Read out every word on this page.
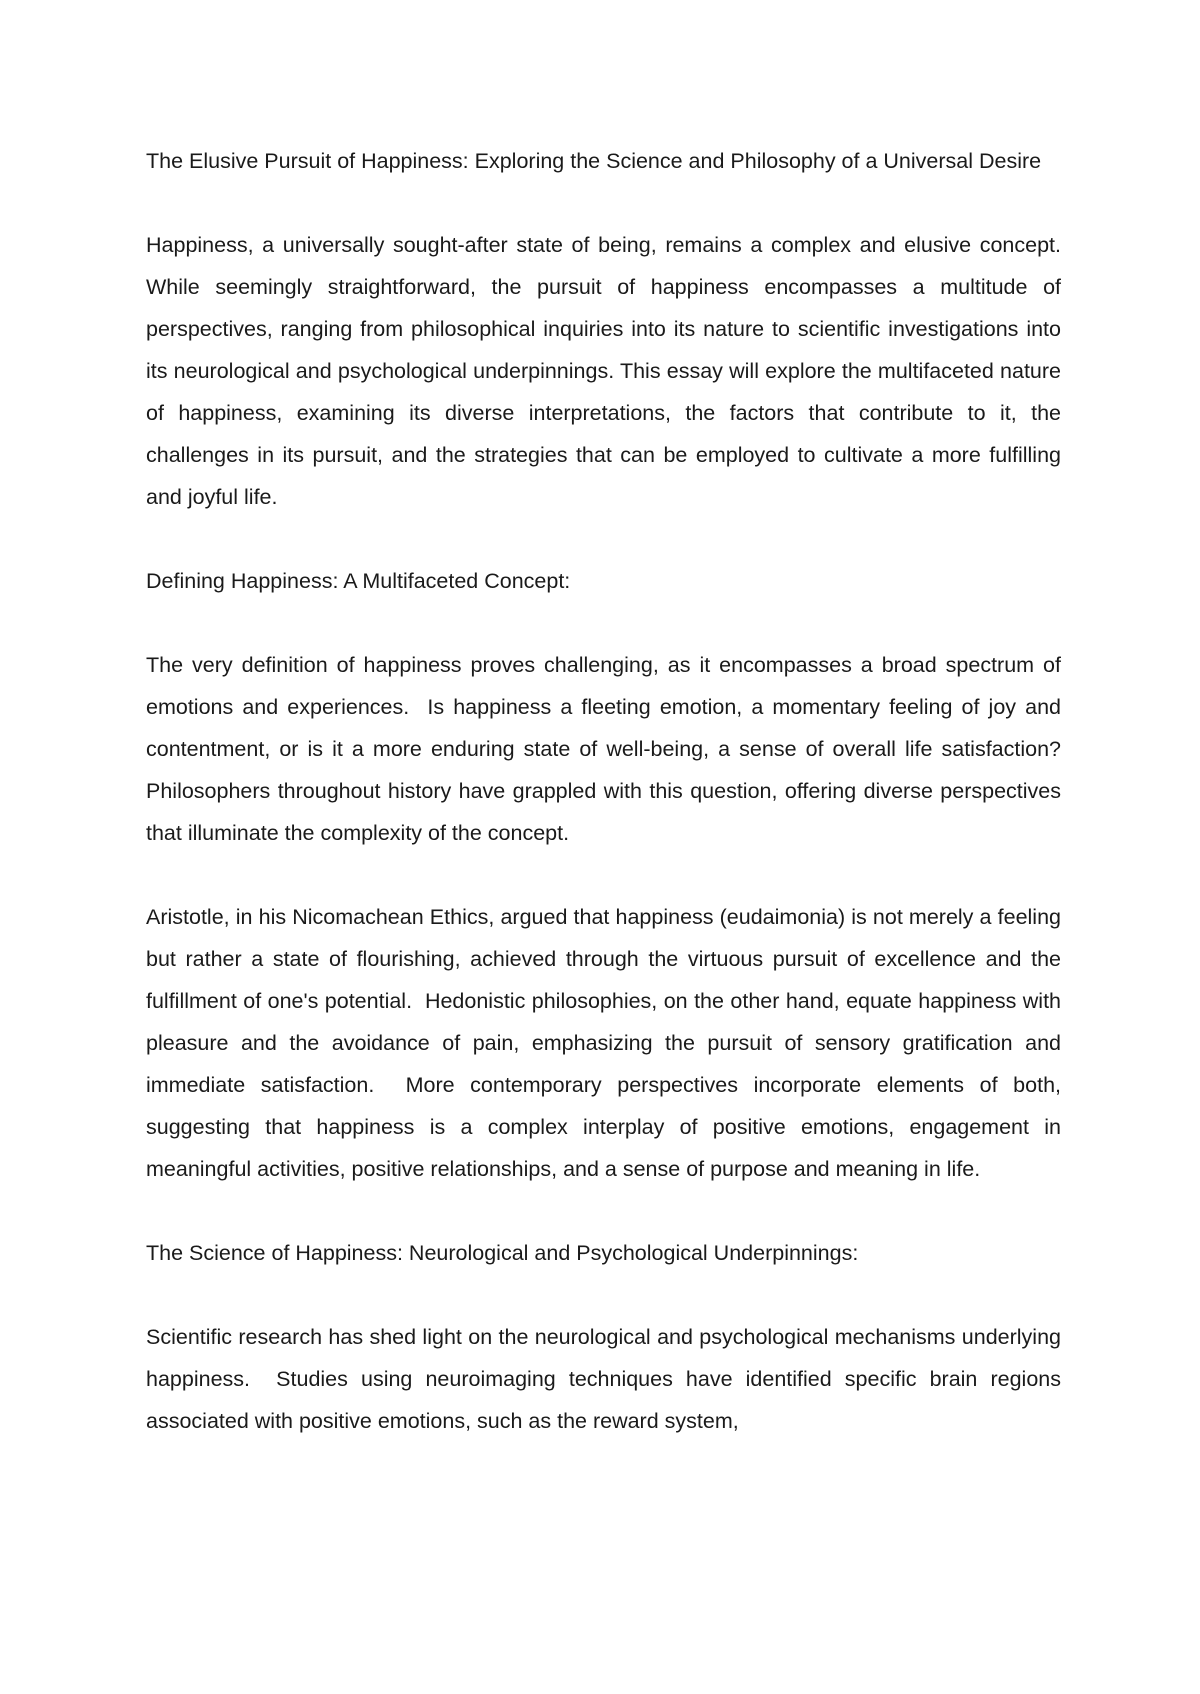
The Elusive Pursuit of Happiness: Exploring the Science and Philosophy of a Universal Desire

Happiness, a universally sought-after state of being, remains a complex and elusive concept.  While seemingly straightforward, the pursuit of happiness encompasses a multitude of perspectives, ranging from philosophical inquiries into its nature to scientific investigations into its neurological and psychological underpinnings. This essay will explore the multifaceted nature of happiness, examining its diverse interpretations, the factors that contribute to it, the challenges in its pursuit, and the strategies that can be employed to cultivate a more fulfilling and joyful life.

Defining Happiness: A Multifaceted Concept:

The very definition of happiness proves challenging, as it encompasses a broad spectrum of emotions and experiences.  Is happiness a fleeting emotion, a momentary feeling of joy and contentment, or is it a more enduring state of well-being, a sense of overall life satisfaction?  Philosophers throughout history have grappled with this question, offering diverse perspectives that illuminate the complexity of the concept.

Aristotle, in his Nicomachean Ethics, argued that happiness (eudaimonia) is not merely a feeling but rather a state of flourishing, achieved through the virtuous pursuit of excellence and the fulfillment of one's potential.  Hedonistic philosophies, on the other hand, equate happiness with pleasure and the avoidance of pain, emphasizing the pursuit of sensory gratification and immediate satisfaction.  More contemporary perspectives incorporate elements of both, suggesting that happiness is a complex interplay of positive emotions, engagement in meaningful activities, positive relationships, and a sense of purpose and meaning in life.

The Science of Happiness: Neurological and Psychological Underpinnings:

Scientific research has shed light on the neurological and psychological mechanisms underlying happiness.  Studies using neuroimaging techniques have identified specific brain regions associated with positive emotions, such as the reward system,
